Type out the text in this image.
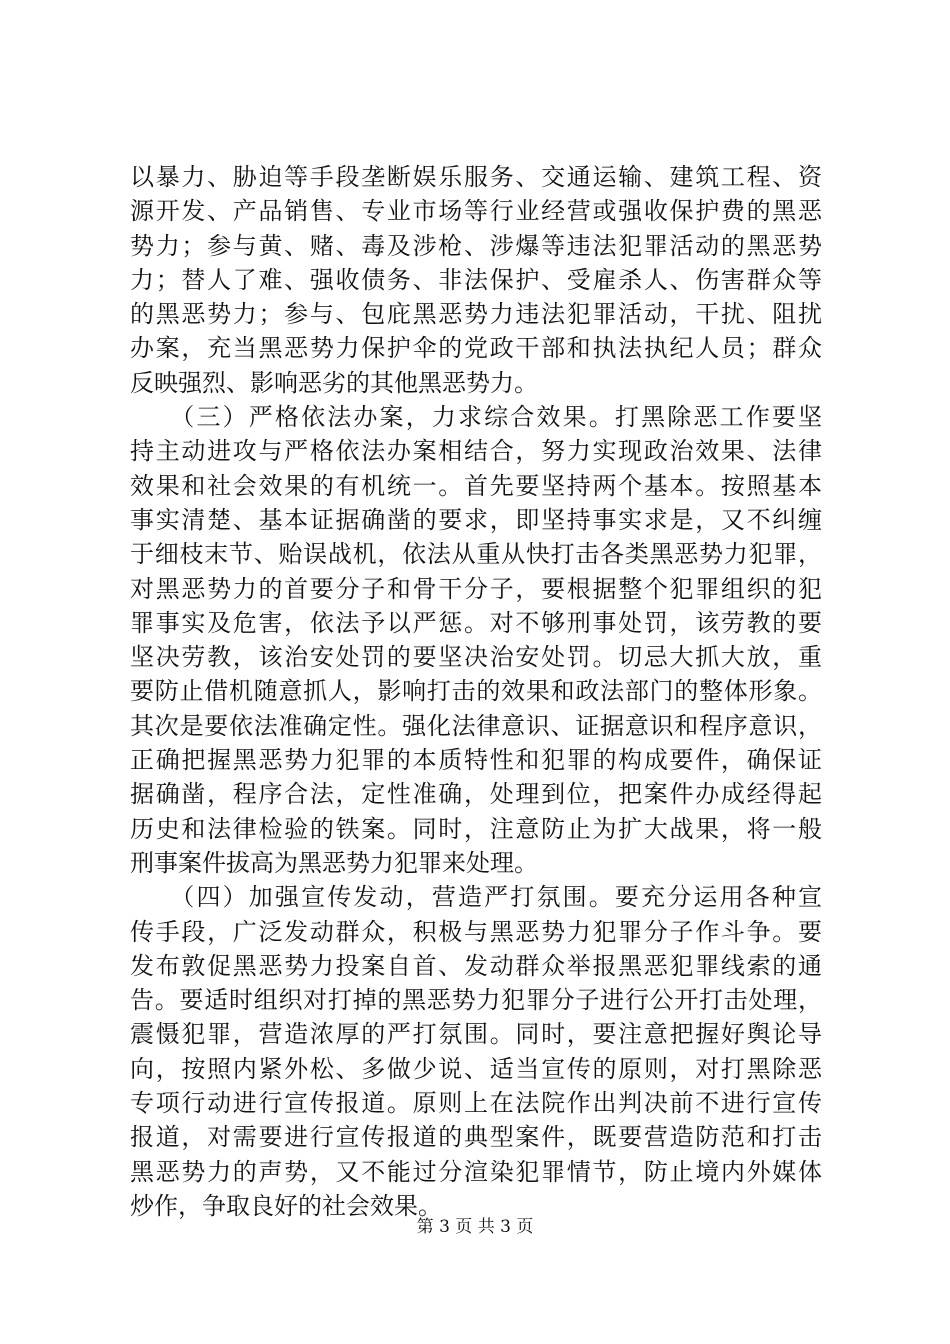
以暴力、胁迫等手段垄断娱乐服务、交通运输、建筑工程、资
源开发、产品销售、专业市场等行业经营或强收保护费的黑恶
势力；参与黄、赌、毒及涉枪、涉爆等违法犯罪活动的黑恶势
力；替人了难、强收债务、非法保护、受雇杀人、伤害群众等
的黑恶势力；参与、包庇黑恶势力违法犯罪活动，干扰、阻扰
办案，充当黑恶势力保护伞的党政干部和执法执纪人员；群众
反映强烈、影响恶劣的其他黑恶势力。
　　（三）严格依法办案，力求综合效果。打黑除恶工作要坚
持主动进攻与严格依法办案相结合，努力实现政治效果、法律
效果和社会效果的有机统一。首先要坚持两个基本。按照基本
事实清楚、基本证据确凿的要求，即坚持事实求是，又不纠缠
于细枝末节、贻误战机，依法从重从快打击各类黑恶势力犯罪，
对黑恶势力的首要分子和骨干分子，要根据整个犯罪组织的犯
罪事实及危害，依法予以严惩。对不够刑事处罚，该劳教的要
坚决劳教，该治安处罚的要坚决治安处罚。切忌大抓大放，重
要防止借机随意抓人，影响打击的效果和政法部门的整体形象。
其次是要依法准确定性。强化法律意识、证据意识和程序意识，
正确把握黑恶势力犯罪的本质特性和犯罪的构成要件，确保证
据确凿，程序合法，定性准确，处理到位，把案件办成经得起
历史和法律检验的铁案。同时，注意防止为扩大战果，将一般
刑事案件拔高为黑恶势力犯罪来处理。
　　（四）加强宣传发动，营造严打氛围。要充分运用各种宣
传手段，广泛发动群众，积极与黑恶势力犯罪分子作斗争。要
发布敦促黑恶势力投案自首、发动群众举报黑恶犯罪线索的通
告。要适时组织对打掉的黑恶势力犯罪分子进行公开打击处理，
震慑犯罪，营造浓厚的严打氛围。同时，要注意把握好舆论导
向，按照内紧外松、多做少说、适当宣传的原则，对打黑除恶
专项行动进行宣传报道。原则上在法院作出判决前不进行宣传
报道，对需要进行宣传报道的典型案件，既要营造防范和打击
黑恶势力的声势，又不能过分渲染犯罪情节，防止境内外媒体
炒作，争取良好的社会效果。
第 3 页 共 3 页
